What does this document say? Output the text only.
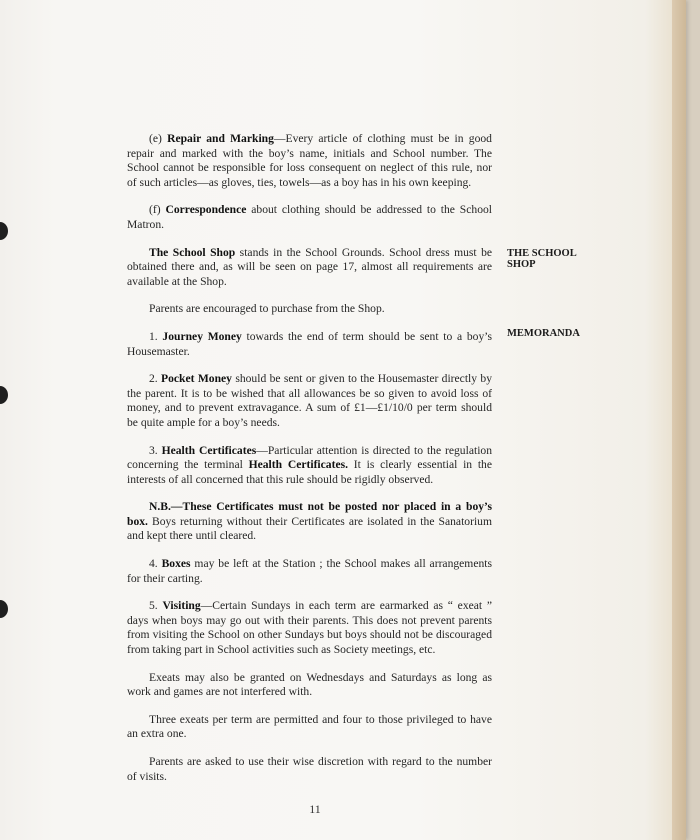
(e) Repair and Marking—Every article of clothing must be in good repair and marked with the boy’s name, initials and School number. The School cannot be responsible for loss consequent on neglect of this rule, nor of such articles—as gloves, ties, towels—as a boy has in his own keeping.

(f) Correspondence about clothing should be addressed to the School Matron.

The School Shop stands in the School Grounds. School dress must be obtained there and, as will be seen on page 17, almost all requirements are available at the Shop.

Parents are encouraged to purchase from the Shop.

1. Journey Money towards the end of term should be sent to a boy’s Housemaster.

2. Pocket Money should be sent or given to the Housemaster directly by the parent. It is to be wished that all allowances be so given to avoid loss of money, and to prevent extravagance. A sum of £1—£1/10/0 per term should be quite ample for a boy’s needs.

3. Health Certificates—Particular attention is directed to the regulation concerning the terminal Health Certificates. It is clearly essential in the interests of all concerned that this rule should be rigidly observed.

N.B.—These Certificates must not be posted nor placed in a boy’s box. Boys returning without their Certificates are isolated in the Sanatorium and kept there until cleared.

4. Boxes may be left at the Station ; the School makes all arrangements for their carting.

5. Visiting—Certain Sundays in each term are earmarked as “ exeat ” days when boys may go out with their parents. This does not prevent parents from visiting the School on other Sundays but boys should not be discouraged from taking part in School activities such as Society meetings, etc.

Exeats may also be granted on Wednesdays and Saturdays as long as work and games are not interfered with.

Three exeats per term are permitted and four to those privileged to have an extra one.

Parents are asked to use their wise discretion with regard to the number of visits.

THE SCHOOL SHOP
MEMORANDA
11
